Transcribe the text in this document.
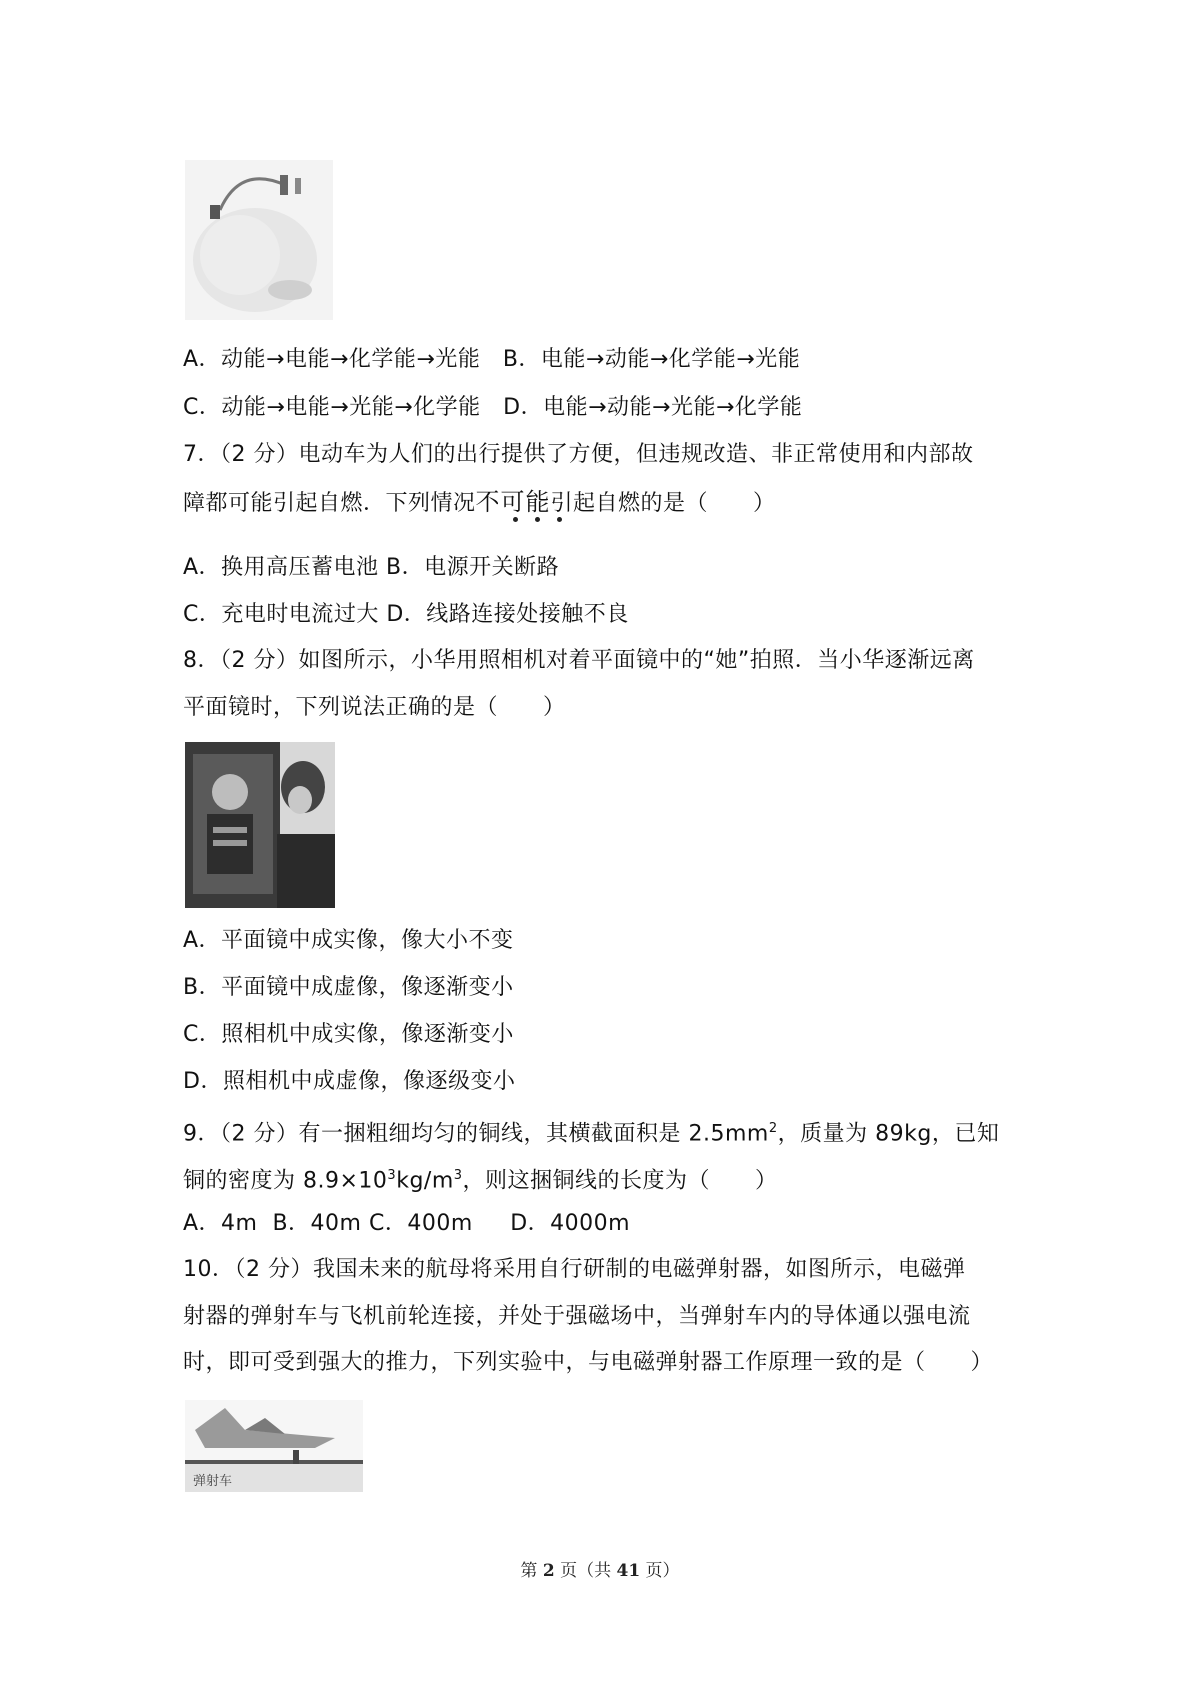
A．动能→电能→化学能→光能 B．电能→动能→化学能→光能
C．动能→电能→光能→化学能 D．电能→动能→光能→化学能
7．（2 分）电动车为人们的出行提供了方便，但违规改造、非正常使用和内部故
障都可能引起自燃．下列情况不可能引起自燃的是（　　）
A．换用高压蓄电池 B．电源开关断路
C．充电时电流过大 D．线路连接处接触不良
8．（2 分）如图所示，小华用照相机对着平面镜中的“她”拍照．当小华逐渐远离
平面镜时，下列说法正确的是（　　）
A．平面镜中成实像，像大小不变
B．平面镜中成虚像，像逐渐变小
C．照相机中成实像，像逐渐变小
D．照相机中成虚像，像逐级变小
9．（2 分）有一捆粗细均匀的铜线，其横截面积是 $2.5mm^2$，质量为 89kg，已知
铜的密度为 $8.9\times 10^3kg/m^3$，则这捆铜线的长度为（　　）
A．4m  B．40m C．400m     D．4000m
10．（2 分）我国未来的航母将采用自行研制的电磁弹射器，如图所示，电磁弹
射器的弹射车与飞机前轮连接，并处于强磁场中，当弹射车内的导体通以强电流
时，即可受到强大的推力，下列实验中，与电磁弹射器工作原理一致的是（　　）
弹射车
第 2 页（共 41 页）
